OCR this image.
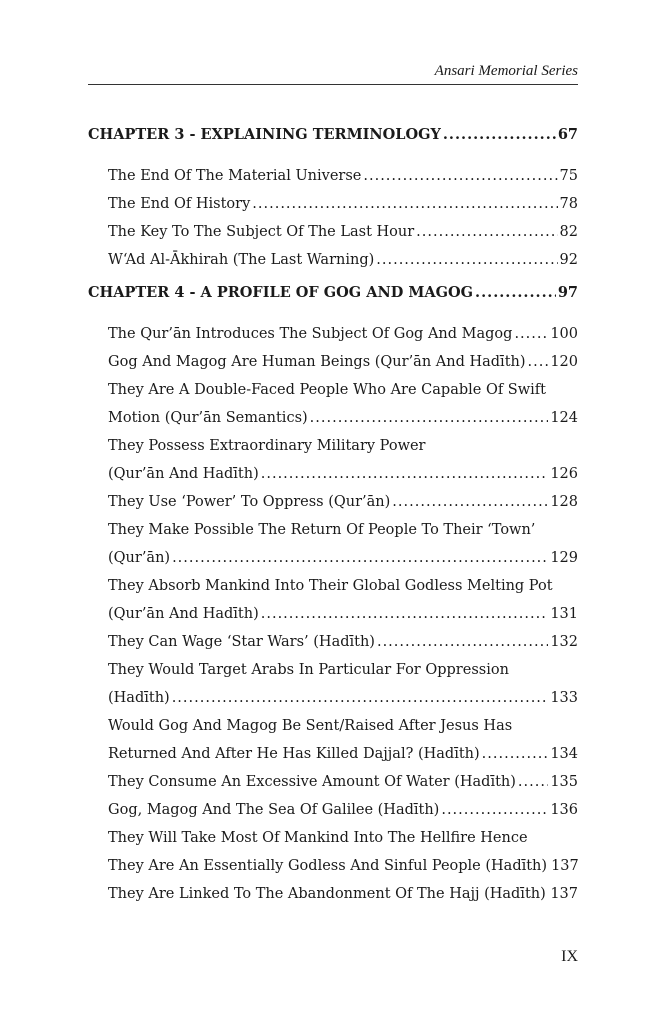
Ansari Memorial Series
CHAPTER 3 - EXPLAINING TERMINOLOGY .....	67
The End Of The Material Universe .....	75
The End Of History .....	78
The Key To The Subject Of The Last Hour .....	82
W‘Ad Al-Ākhirah (The Last Warning) .....	92
CHAPTER 4 - A PROFILE OF GOG AND MAGOG .....	97
The Qur’ān Introduces The Subject Of Gog And Magog .....	100
Gog And Magog Are Human Beings (Qur’ān And Hadīth) ..... 120
They Are A Double-Faced People Who Are Capable Of Swift
Motion (Qur’ān Semantics) .....	124
They Possess Extraordinary Military Power
(Qur’ān And Hadīth) .....	126
They Use ‘Power’ To Oppress (Qur’ān) .....	128
They Make Possible The Return Of People To Their ‘Town’
(Qur’ān) .....	129
They Absorb Mankind Into Their Global Godless Melting Pot
(Qur’ān And Hadīth) .....	131
They Can Wage ‘Star Wars’ (Hadīth) .....	132
They Would Target Arabs In Particular For Oppression
(Hadīth) .....	133
Would Gog And Magog Be Sent/Raised After Jesus Has
Returned And After He Has Killed Dajjal? (Hadīth) .....	134
They Consume An Excessive Amount Of Water (Hadīth) ..... 135
Gog, Magog And The Sea Of Galilee (Hadīth) .....	136
They Will Take Most Of Mankind Into The Hellfire Hence
They Are An Essentially Godless And Sinful People (Hadīth) 137
They Are Linked To The Abandonment Of The Hajj (Hadīth) ..... 137
IX
